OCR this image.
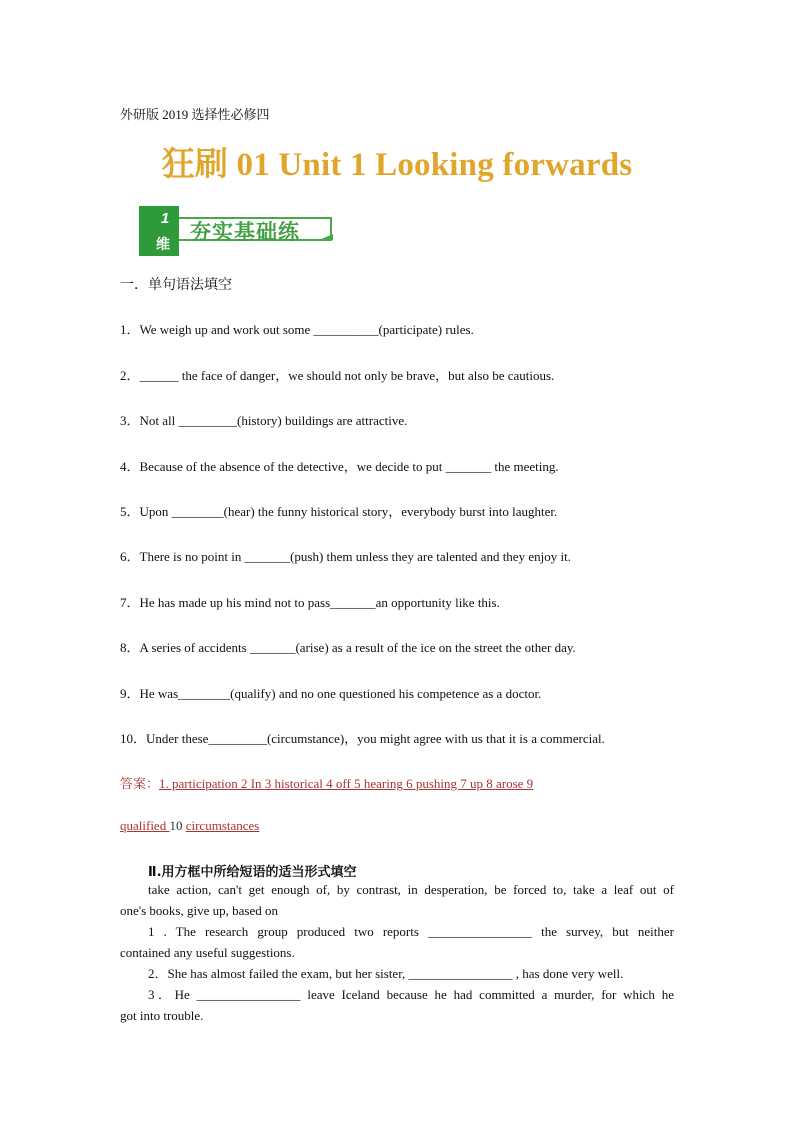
外研版 2019 选择性必修四
狂刷 01 Unit 1 Looking forwards
1
维
夯实基础练
一．单句语法填空
1．We weigh up and work out some __________(participate) rules.
2．______ the face of danger，we should not only be brave，but also be cautious.
3．Not all _________(history) buildings are attractive.
4．Because of the absence of the detective，we decide to put _______ the meeting.
5．Upon ________(hear) the funny historical story，everybody burst into laughter.
6．There is no point in _______(push) them unless they are talented and they enjoy it.
7．He has made up his mind not to pass_______an opportunity like this.
8．A series of accidents _______(arise) as a result of the ice on the street the other day.
9．He was________(qualify) and no one questioned his competence as a doctor.
10．Under these_________(circumstance)，you might agree with us that it is a commercial.
答案：1. participation 2 In 3 historical 4 off 5 hearing 6 pushing 7 up 8 arose 9
qualified 10 circumstances
Ⅱ.用方框中所给短语的适当形式填空
take action, can't get enough of, by contrast, in desperation, be forced to, take a leaf out of
one's books, give up, based on
1 . The research group produced two reports ________________ the survey, but neither
contained any useful suggestions.
2．She has almost failed the exam, but her sister, ________________ , has done very well.
3．He ________________ leave Iceland because he had committed a murder, for which he
got into trouble.
